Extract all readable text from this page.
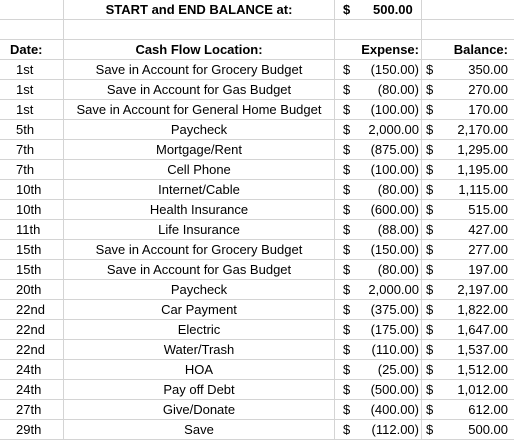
START and END BALANCE at:	$ 500.00
Date:	Cash Flow Location:	Expense:	Balance:
1st	Save in Account for Grocery Budget	$ (150.00) $	350.00
1st	Save in Account for Gas Budget	$ (80.00) $	270.00
1st	Save in Account for General Home Budget	$ (100.00) $	170.00
5th	Paycheck	$ 2,000.00 $ 2,170.00
7th	Mortgage/Rent	$ (875.00) $ 1,295.00
7th	Cell Phone	$ (100.00) $ 1,195.00
10th	Internet/Cable	$ (80.00) $ 1,115.00
10th	Health Insurance	$ (600.00) $	515.00
11th	Life Insurance	$ (88.00) $	427.00
15th	Save in Account for Grocery Budget	$ (150.00) $	277.00
15th	Save in Account for Gas Budget	$ (80.00) $	197.00
20th	Paycheck	$ 2,000.00 $ 2,197.00
22nd	Car Payment	$ (375.00) $ 1,822.00
22nd	Electric	$ (175.00) $ 1,647.00
22nd	Water/Trash	$ (110.00) $ 1,537.00
24th	HOA	$ (25.00) $ 1,512.00
24th	Pay off Debt	$ (500.00) $ 1,012.00
27th	Give/Donate	$ (400.00) $	612.00
29th	Save	$ (112.00) $	500.00
